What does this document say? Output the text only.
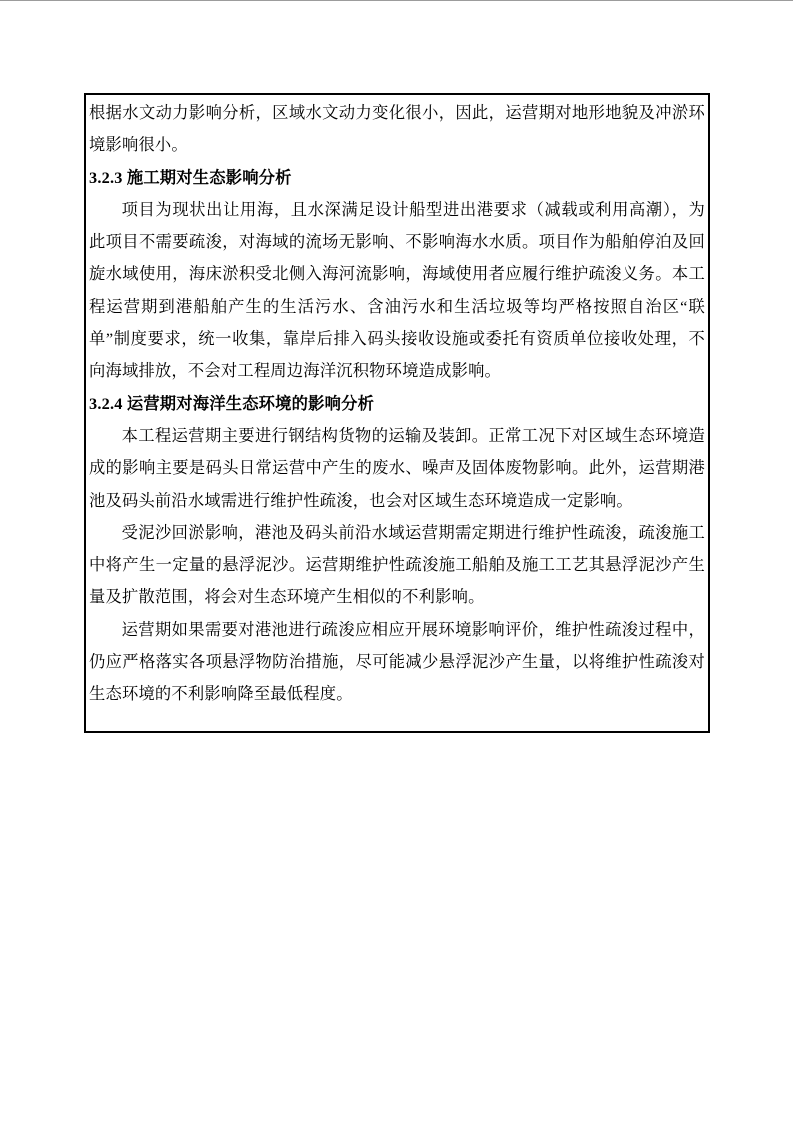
根据水文动力影响分析，区域水文动力变化很小，因此，运营期对地形地貌及冲淤环境影响很小。

3.2.3 施工期对生态影响分析

项目为现状出让用海，且水深满足设计船型进出港要求（减载或利用高潮），为此项目不需要疏浚，对海域的流场无影响、不影响海水水质。项目作为船舶停泊及回旋水域使用，海床淤积受北侧入海河流影响，海域使用者应履行维护疏浚义务。本工程运营期到港船舶产生的生活污水、含油污水和生活垃圾等均严格按照自治区“联单”制度要求，统一收集，靠岸后排入码头接收设施或委托有资质单位接收处理，不向海域排放，不会对工程周边海洋沉积物环境造成影响。

3.2.4 运营期对海洋生态环境的影响分析

本工程运营期主要进行钢结构货物的运输及装卸。正常工况下对区域生态环境造成的影响主要是码头日常运营中产生的废水、噪声及固体废物影响。此外，运营期港池及码头前沿水域需进行维护性疏浚，也会对区域生态环境造成一定影响。

受泥沙回淤影响，港池及码头前沿水域运营期需定期进行维护性疏浚，疏浚施工中将产生一定量的悬浮泥沙。运营期维护性疏浚施工船舶及施工工艺其悬浮泥沙产生量及扩散范围，将会对生态环境产生相似的不利影响。

运营期如果需要对港池进行疏浚应相应开展环境影响评价，维护性疏浚过程中，仍应严格落实各项悬浮物防治措施，尽可能减少悬浮泥沙产生量，以将维护性疏浚对生态环境的不利影响降至最低程度。
